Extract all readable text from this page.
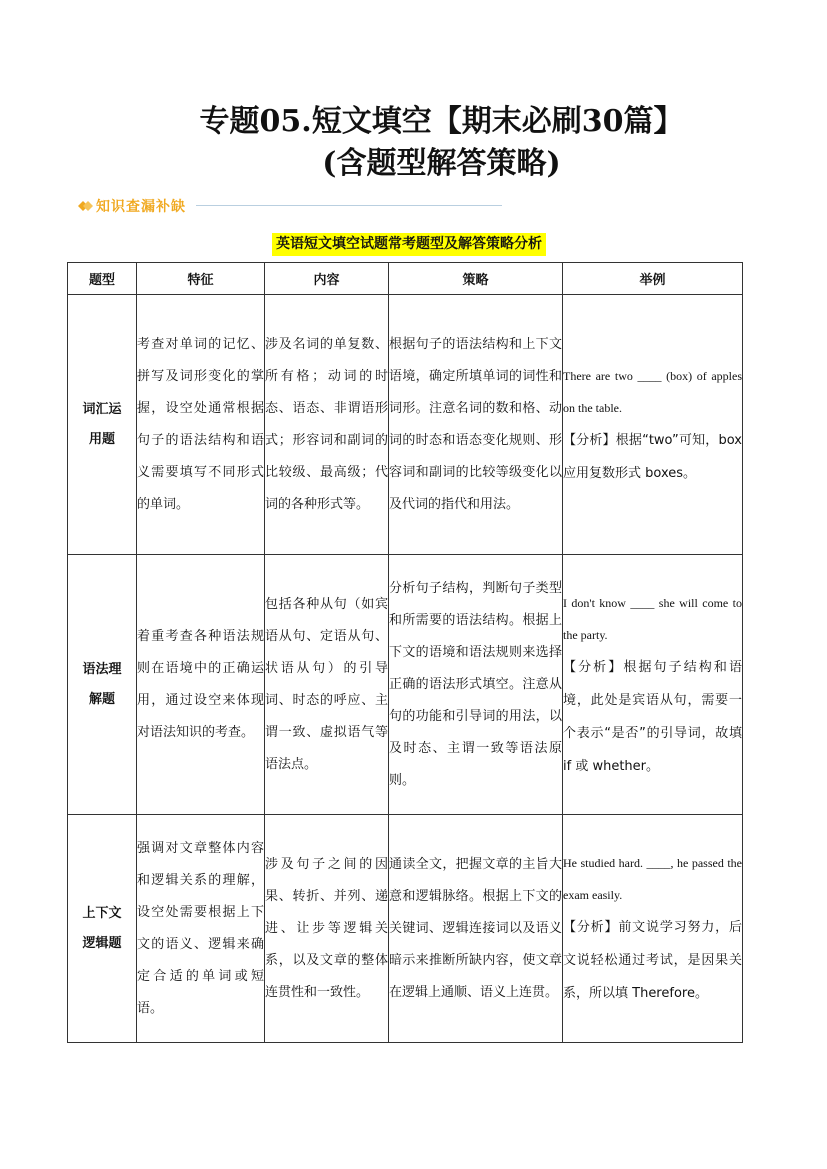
专题05.短文填空【期末必刷30篇】
(含题型解答策略)
知识查漏补缺
英语短文填空试题常考题型及解答策略分析
题型	特征	内容	策略	举例

词汇运用题	考查对单词的记忆、拼写及词形变化的掌握，设空处通常根据句子的语法结构和语义需要填写不同形式的单词。	涉及名词的单复数、所有格；动词的时态、语态、非谓语形式；形容词和副词的比较级、最高级；代词的各种形式等。	根据句子的语法结构和上下文语境，确定所填单词的词性和词形。注意名词的数和格、动词的时态和语态变化规则、形容词和副词的比较等级变化以及代词的指代和用法。	There are two ____ (box) of apples on the table.
【分析】根据“two”可知，box 应用复数形式 boxes。

语法理解题	着重考查各种语法规则在语境中的正确运用，通过设空来体现对语法知识的考查。	包括各种从句（如宾语从句、定语从句、状语从句）的引导词、时态的呼应、主谓一致、虚拟语气等语法点。	分析句子结构，判断句子类型和所需要的语法结构。根据上下文的语境和语法规则来选择正确的语法形式填空。注意从句的功能和引导词的用法，以及时态、主谓一致等语法原则。	I don't know ____ she will come to the party.
【分析】根据句子结构和语境，此处是宾语从句，需要一个表示“是否”的引导词，故填 if 或 whether。

上下文逻辑题	强调对文章整体内容和逻辑关系的理解，设空处需要根据上下文的语义、逻辑来确定合适的单词或短语。	涉及句子之间的因果、转折、并列、递进、让步等逻辑关系，以及文章的整体连贯性和一致性。	通读全文，把握文章的主旨大意和逻辑脉络。根据上下文的关键词、逻辑连接词以及语义暗示来推断所缺内容，使文章在逻辑上通顺、语义上连贯。	He studied hard. ____, he passed the exam easily.
【分析】前文说学习努力，后文说轻松通过考试，是因果关系，所以填 Therefore。
